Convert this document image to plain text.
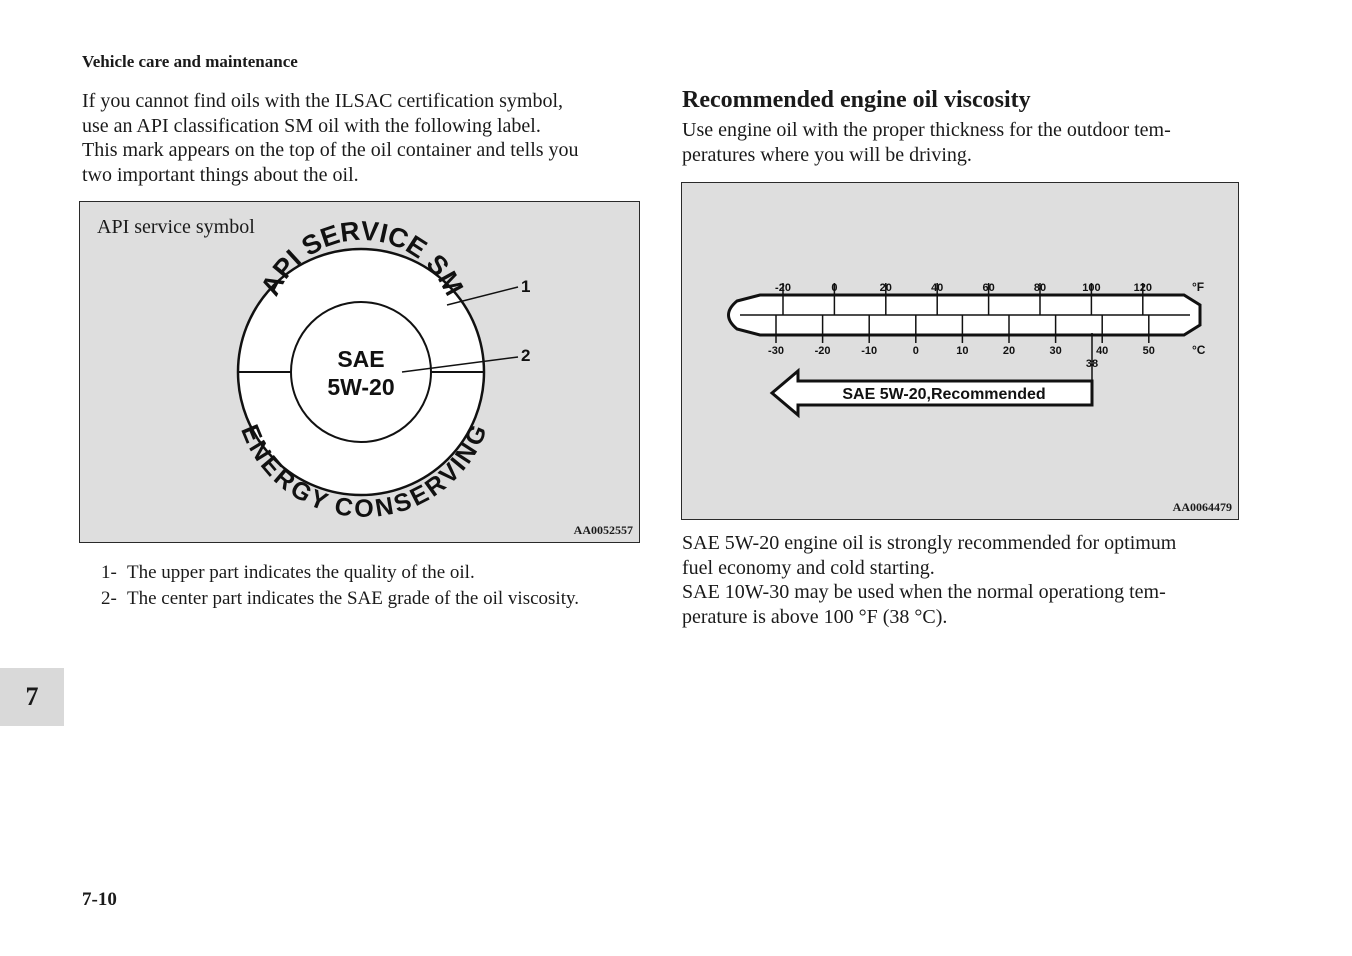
Vehicle care and maintenance
If you cannot find oils with the ILSAC certification symbol,
use an API classification SM oil with the following label.
This mark appears on the top of the oil container and tells you
two important things about the oil.
API service symbol
API SERVICE SM
ENERGY CONSERVING
SAE
5W-20
1
2
AA0052557
1- The upper part indicates the quality of the oil.
2- The center part indicates the SAE grade of the oil viscosity.
Recommended engine oil viscosity
Use engine oil with the proper thickness for the outdoor tem-
peratures where you will be driving.
-20	0	20	40	60	80	100	120
-30	-20	-10	0	10	20	30	40	50
°F
°C
38
SAE 5W-20,Recommended
AA0064479
SAE 5W-20 engine oil is strongly recommended for optimum
fuel economy and cold starting.
SAE 10W-30 may be used when the normal operationg tem-
perature is above 100 °F (38 °C).
7
7-10
